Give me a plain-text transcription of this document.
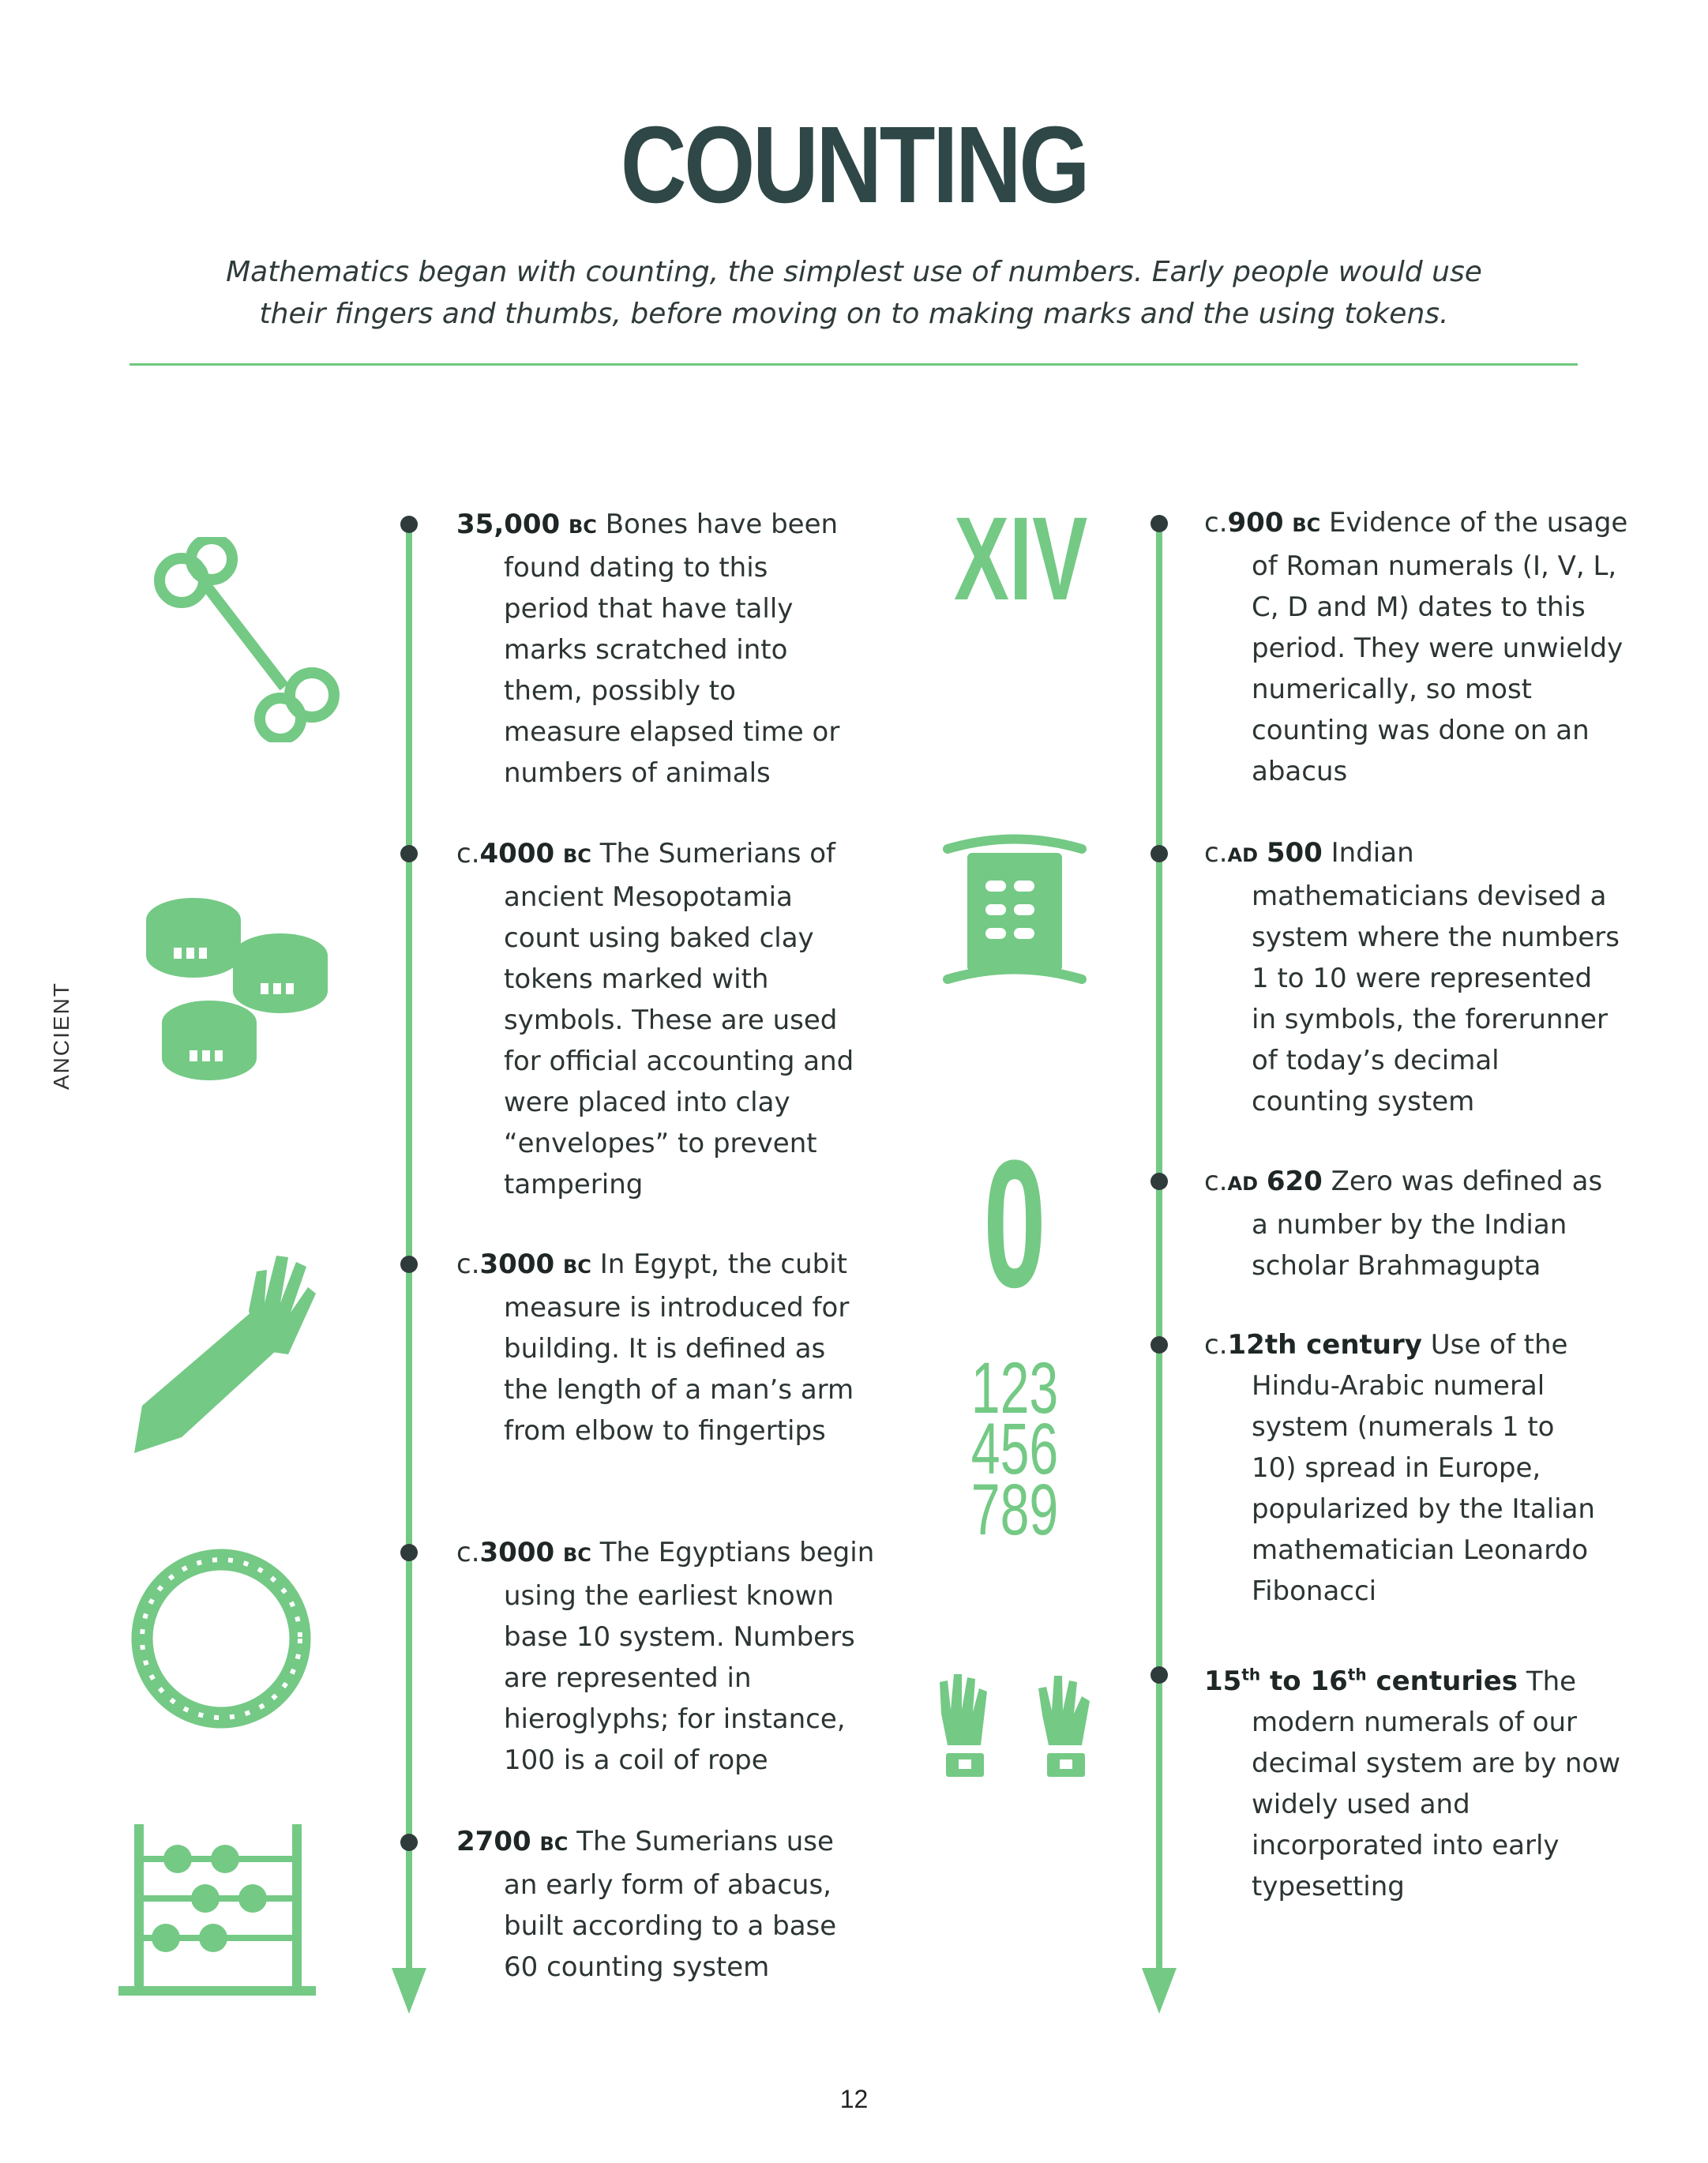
COUNTING
Mathematics began with counting, the simplest use of numbers. Early people would use
their fingers and thumbs, before moving on to making marks and the using tokens.
ANCIENT
35,000 BC Bones have been found dating to this period that have tally marks scratched into them, possibly to measure elapsed time or numbers of animals
c.4000 BC The Sumerians of ancient Mesopotamia count using baked clay tokens marked with symbols. These are used for official accounting and were placed into clay “envelopes” to prevent tampering
c.3000 BC In Egypt, the cubit measure is introduced for building. It is defined as the length of a man’s arm from elbow to fingertips
c.3000 BC The Egyptians begin using the earliest known base 10 system. Numbers are represented in hieroglyphs; for instance, 100 is a coil of rope
2700 BC The Sumerians use an early form of abacus, built according to a base 60 counting system
c.900 BC Evidence of the usage of Roman numerals (I, V, L, C, D and M) dates to this period. They were unwieldy numerically, so most counting was done on an abacus
c.AD 500 Indian mathematicians devised a system where the numbers 1 to 10 were represented in symbols, the forerunner of today’s decimal counting system
c.AD 620 Zero was defined as a number by the Indian scholar Brahmagupta
c.12th century Use of the Hindu-Arabic numeral system (numerals 1 to 10) spread in Europe, popularized by the Italian mathematician Leonardo Fibonacci
15th to 16th centuries The modern numerals of our decimal system are by now widely used and incorporated into early typesetting
XIV
0
123
456
789
12
